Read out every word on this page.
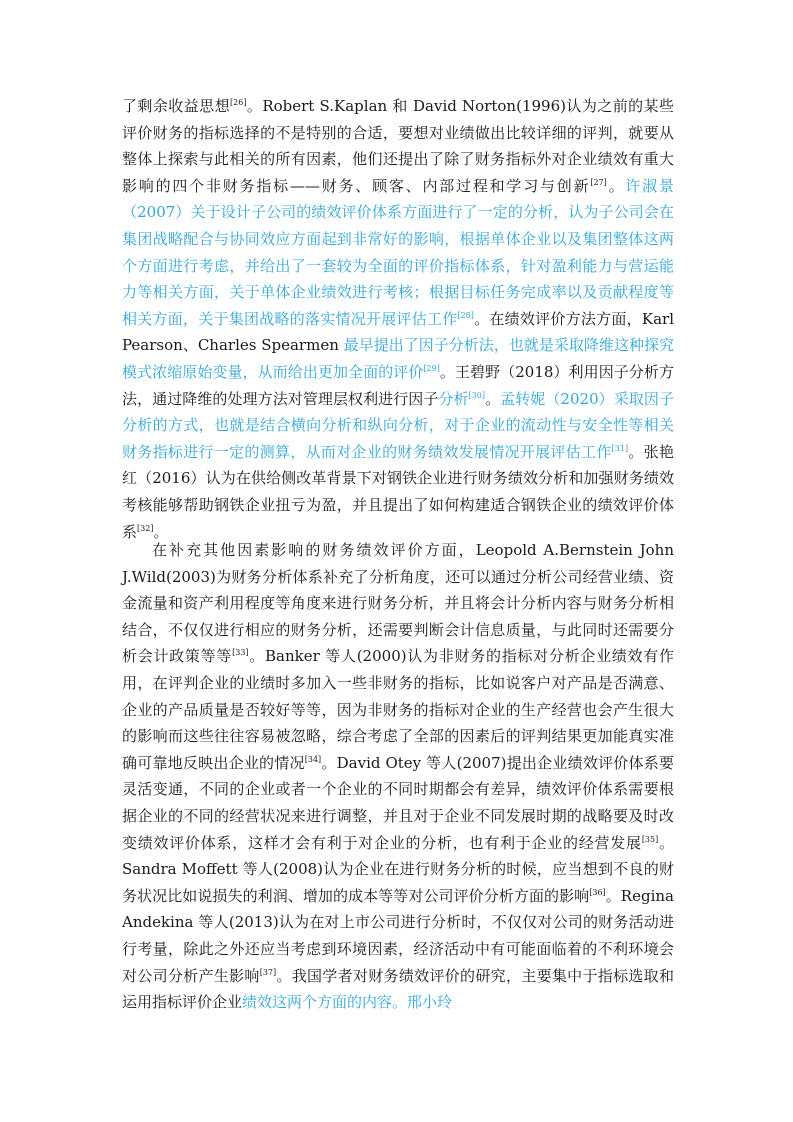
了剩余收益思想[26]。Robert S.Kaplan 和 David Norton(1996)认为之前的某些评价财务的指标选择的不是特别的合适，要想对业绩做出比较详细的评判，就要从整体上探索与此相关的所有因素，他们还提出了除了财务指标外对企业绩效有重大影响的四个非财务指标——财务、顾客、内部过程和学习与创新[27]。许淑景（2007）关于设计子公司的绩效评价体系方面进行了一定的分析，认为子公司会在集团战略配合与协同效应方面起到非常好的影响，根据单体企业以及集团整体这两个方面进行考虑，并给出了一套较为全面的评价指标体系，针对盈利能力与营运能力等相关方面，关于单体企业绩效进行考核；根据目标任务完成率以及贡献程度等相关方面，关于集团战略的落实情况开展评估工作[28]。在绩效评价方法方面，Karl Pearson、Charles Spearmen 最早提出了因子分析法，也就是采取降维这种探究模式浓缩原始变量，从而给出更加全面的评价[29]。王碧野（2018）利用因子分析方法，通过降维的处理方法对管理层权利进行因子分析[30]。孟转妮（2020）采取因子分析的方式，也就是结合横向分析和纵向分析，对于企业的流动性与安全性等相关财务指标进行一定的测算，从而对企业的财务绩效发展情况开展评估工作[31]。张艳红（2016）认为在供给侧改革背景下对钢铁企业进行财务绩效分析和加强财务绩效考核能够帮助钢铁企业扭亏为盈，并且提出了如何构建适合钢铁企业的绩效评价体系[32]。

在补充其他因素影响的财务绩效评价方面，Leopold A.Bernstein John J.Wild(2003)为财务分析体系补充了分析角度，还可以通过分析公司经营业绩、资金流量和资产利用程度等角度来进行财务分析，并且将会计分析内容与财务分析相结合，不仅仅进行相应的财务分析，还需要判断会计信息质量，与此同时还需要分析会计政策等等[33]。Banker 等人(2000)认为非财务的指标对分析企业绩效有作用，在评判企业的业绩时多加入一些非财务的指标，比如说客户对产品是否满意、企业的产品质量是否较好等等，因为非财务的指标对企业的生产经营也会产生很大的影响而这些往往容易被忽略，综合考虑了全部的因素后的评判结果更加能真实准确可靠地反映出企业的情况[34]。David Otey 等人(2007)提出企业绩效评价体系要灵活变通，不同的企业或者一个企业的不同时期都会有差异，绩效评价体系需要根据企业的不同的经营状况来进行调整，并且对于企业不同发展时期的战略要及时改变绩效评价体系，这样才会有利于对企业的分析，也有利于企业的经营发展[35]。Sandra Moffett 等人(2008)认为企业在进行财务分析的时候，应当想到不良的财务状况比如说损失的利润、增加的成本等等对公司评价分析方面的影响[36]。Regina Andekina 等人(2013)认为在对上市公司进行分析时，不仅仅对公司的财务活动进行考量，除此之外还应当考虑到环境因素，经济活动中有可能面临着的不利环境会对公司分析产生影响[37]。我国学者对财务绩效评价的研究，主要集中于指标选取和运用指标评价企业绩效这两个方面的内容。邢小玲
